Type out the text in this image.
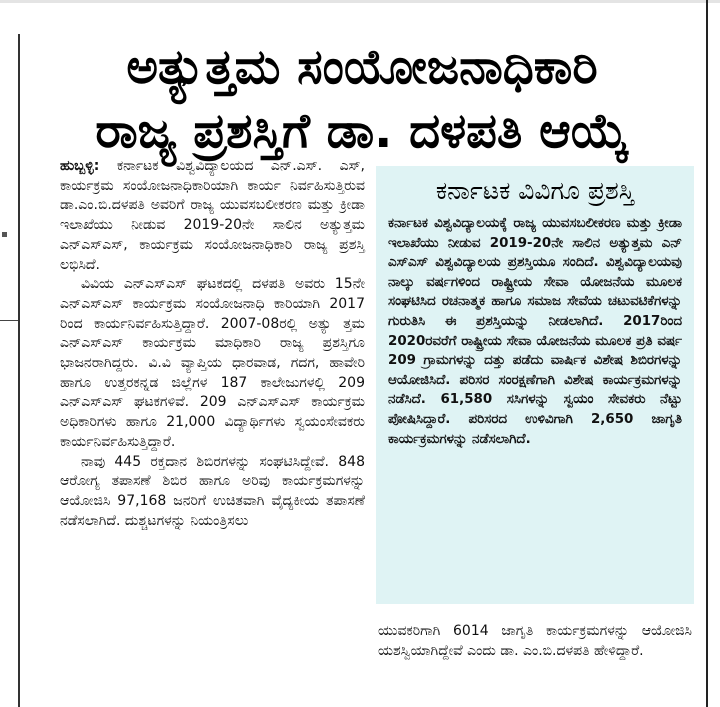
ಅತ್ಯುತ್ತಮ ಸಂಯೋಜನಾಧಿಕಾರಿ
ರಾಜ್ಯ ಪ್ರಶಸ್ತಿಗೆ ಡಾ. ದಳಪತಿ ಆಯ್ಕೆ

ಹುಬ್ಬಳ್ಳಿ: ಕರ್ನಾಟಕ ವಿಶ್ವವಿದ್ಯಾಲಯದ ಎನ್.ಎಸ್. ಎಸ್, ಕಾರ್ಯಕ್ರಮ ಸಂಯೋಜನಾಧಿಕಾರಿಯಾಗಿ ಕಾರ್ಯ ನಿರ್ವಹಿಸುತ್ತಿರುವ ಡಾ.ಎಂ.ಬಿ.ದಳಪತಿ ಅವರಿಗೆ ರಾಜ್ಯ ಯುವಸಬಲೀಕರಣ ಮತ್ತು ಕ್ರೀಡಾ ಇಲಾಖೆಯು ನೀಡುವ 2019-20ನೇ ಸಾಲಿನ ಅತ್ಯುತ್ತಮ ಎನ್ಎಸ್ಎಸ್, ಕಾರ್ಯಕ್ರಮ ಸಂಯೋಜನಾಧಿಕಾರಿ ರಾಜ್ಯ ಪ್ರಶಸ್ತಿ ಲಭಿಸಿದೆ.

ವಿವಿಯ ಎನ್ಎಸ್ಎಸ್ ಘಟಕದಲ್ಲಿ ದಳಪತಿ ಅವರು 15ನೇ ಎನ್ಎಸ್ಎಸ್ ಕಾರ್ಯಕ್ರಮ ಸಂಯೋಜನಾಧಿ ಕಾರಿಯಾಗಿ 2017 ರಿಂದ ಕಾರ್ಯನಿರ್ವಹಿಸುತ್ತಿದ್ದಾರೆ. 2007-08ರಲ್ಲಿ ಅತ್ಯು ತ್ತಮ ಎನ್ಎಸ್ಎಸ್ ಕಾರ್ಯಕ್ರಮ ಮಾಧಿಕಾರಿ ರಾಜ್ಯ ಪ್ರಶಸ್ತಿಗೂ ಭಾಜನರಾಗಿದ್ದರು. ವಿ.ವಿ ವ್ಯಾಪ್ತಿಯ ಧಾರವಾಡ, ಗದಗ, ಹಾವೇರಿ ಹಾಗೂ ಉತ್ತರಕನ್ನಡ ಜಿಲ್ಲೆಗಳ 187 ಕಾಲೇಜುಗಳಲ್ಲಿ 209 ಎನ್ಎಸ್ಎಸ್ ಘಟಕಗಳಿವೆ. 209 ಎನ್ಎಸ್ಎಸ್ ಕಾರ್ಯಕ್ರಮ ಅಧಿಕಾರಿಗಳು ಹಾಗೂ 21,000 ವಿದ್ಯಾರ್ಥಿಗಳು ಸ್ವಯಂಸೇವಕರು ಕಾರ್ಯನಿರ್ವಹಿಸುತ್ತಿದ್ದಾರೆ.

ನಾವು 445 ರಕ್ತದಾನ ಶಿಬಿರಗಳನ್ನು ಸಂಘಟಿಸಿದ್ದೇವೆ. 848 ಆರೋಗ್ಯ ತಪಾಸಣೆ ಶಿಬಿರ ಹಾಗೂ ಅರಿವು ಕಾರ್ಯಕ್ರಮಗಳನ್ನು ಆಯೋಜಿಸಿ 97,168 ಜನರಿಗೆ ಉಚಿತವಾಗಿ ವೈದ್ಯಕೀಯ ತಪಾಸಣೆ ನಡೆಸಲಾಗಿದೆ. ದುಶ್ಚಟಗಳನ್ನು ನಿಯಂತ್ರಿಸಲು

ಕರ್ನಾಟಕ ವಿವಿಗೂ ಪ್ರಶಸ್ತಿ
ಕರ್ನಾಟಕ ವಿಶ್ವವಿದ್ಯಾಲಯಕ್ಕೆ ರಾಜ್ಯ ಯುವಸಬಲೀಕರಣ ಮತ್ತು ಕ್ರೀಡಾ ಇಲಾಖೆಯು ನೀಡುವ 2019-20ನೇ ಸಾಲಿನ ಅತ್ಯುತ್ತಮ ಎನ್ ಎಸ್ಎಸ್ ವಿಶ್ವವಿದ್ಯಾಲಯ ಪ್ರಶಸ್ತಿಯೂ ಸಂದಿದೆ. ವಿಶ್ವವಿದ್ಯಾಲಯವು ನಾಲ್ಕು ವರ್ಷಗಳಿಂದ ರಾಷ್ಟ್ರೀಯ ಸೇವಾ ಯೋಜನೆಯ ಮೂಲಕ ಸಂಘಟಿಸಿದ ರಚನಾತ್ಮಕ ಹಾಗೂ ಸಮಾಜ ಸೇವೆಯ ಚಟುವಟಿಕೆಗಳನ್ನು ಗುರುತಿಸಿ ಈ ಪ್ರಶಸ್ತಿಯನ್ನು ನೀಡಲಾಗಿದೆ. 2017ರಿಂದ 2020ರವರೆಗೆ ರಾಷ್ಟ್ರೀಯ ಸೇವಾ ಯೋಜನೆಯ ಮೂಲಕ ಪ್ರತಿ ವರ್ಷ 209 ಗ್ರಾಮಗಳನ್ನು ದತ್ತು ಪಡೆದು ವಾರ್ಷಿಕ ವಿಶೇಷ ಶಿಬಿರಗಳನ್ನು ಆಯೋಜಿಸಿದೆ. ಪರಿಸರ ಸಂರಕ್ಷಣೆಗಾಗಿ ವಿಶೇಷ ಕಾರ್ಯಕ್ರಮಗಳನ್ನು ನಡೆಸಿದೆ. 61,580 ಸಸಿಗಳನ್ನು ಸ್ವಯಂ ಸೇವಕರು ನೆಟ್ಟು ಪೋಷಿಸಿದ್ದಾರೆ. ಪರಿಸರದ ಉಳಿವಿಗಾಗಿ 2,650 ಜಾಗೃತಿ ಕಾರ್ಯಕ್ರಮಗಳನ್ನು ನಡೆಸಲಾಗಿದೆ.

ಯುವಕರಿಗಾಗಿ 6014 ಜಾಗೃತಿ ಕಾರ್ಯಕ್ರಮಗಳನ್ನು ಆಯೋಜಿಸಿ ಯಶಸ್ವಿಯಾಗಿದ್ದೇವೆ ಎಂದು ಡಾ. ಎಂ.ಬಿ.ದಳಪತಿ ಹೇಳಿದ್ದಾರೆ.
